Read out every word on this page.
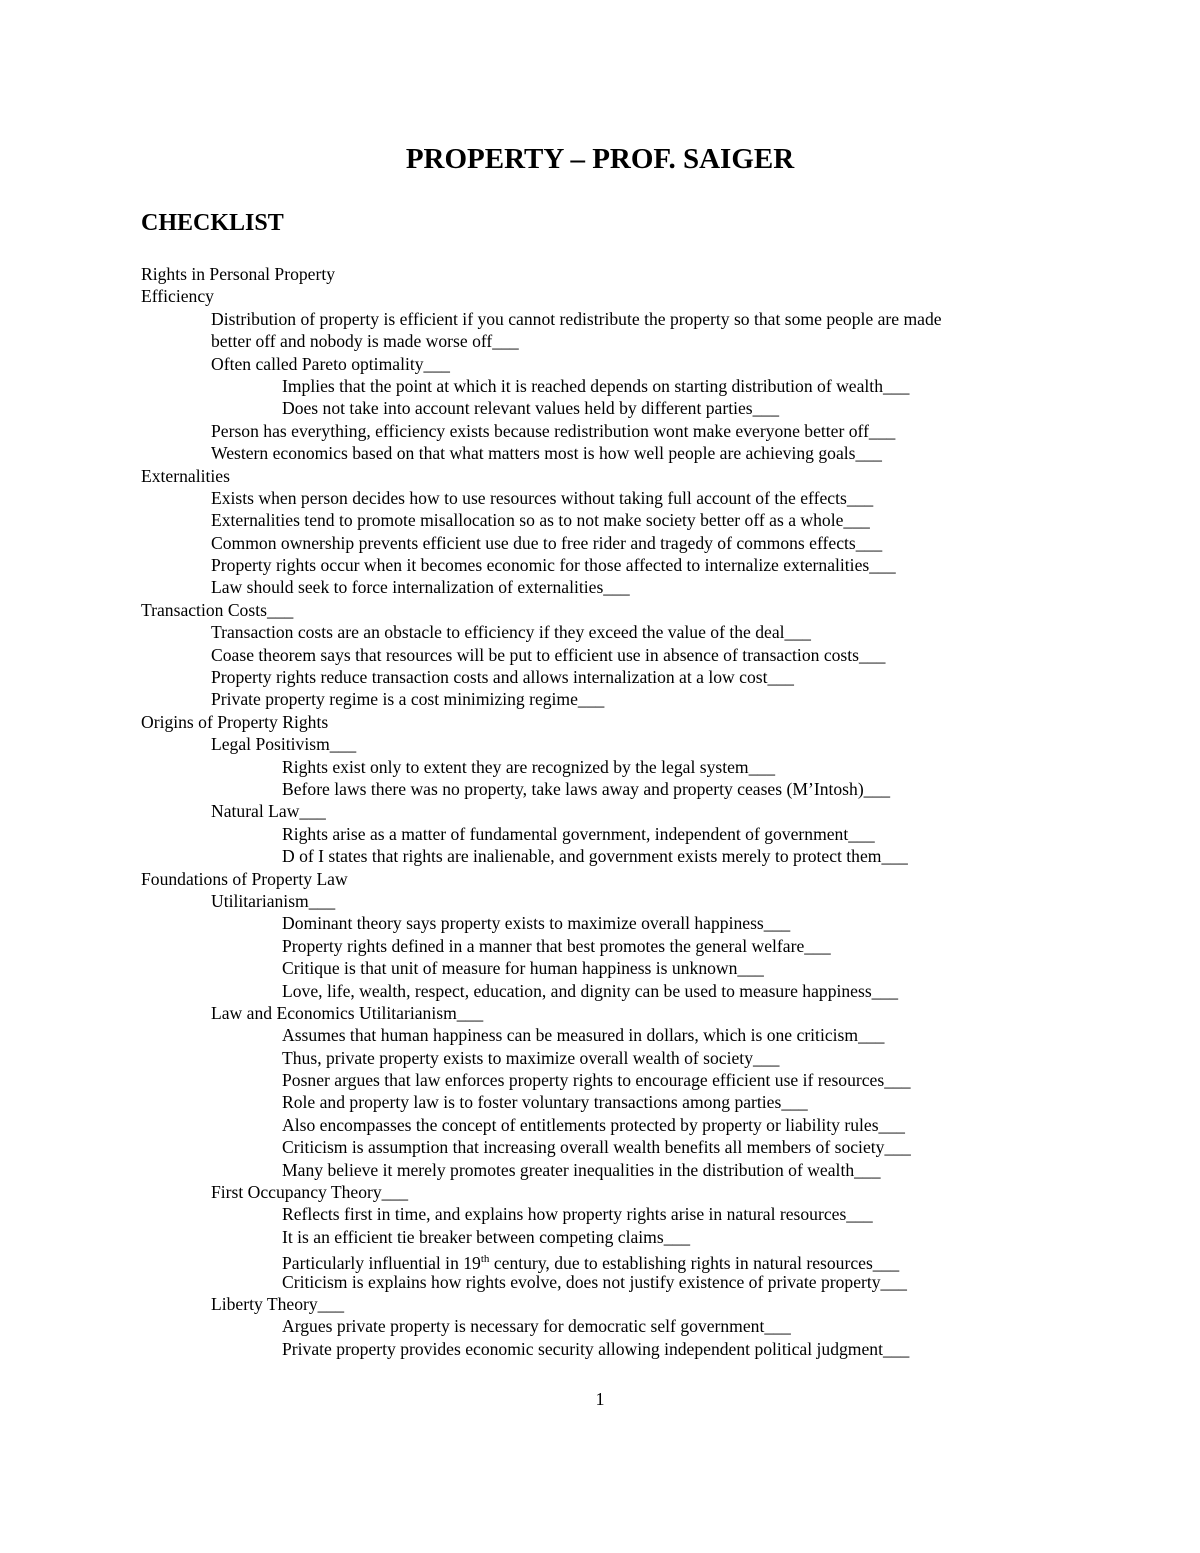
PROPERTY – PROF. SAIGER
CHECKLIST
Rights in Personal Property
Efficiency
Distribution of property is efficient if you cannot redistribute the property so that some people are made
better off and nobody is made worse off___
Often called Pareto optimality___
Implies that the point at which it is reached depends on starting distribution of wealth___
Does not take into account relevant values held by different parties___
Person has everything, efficiency exists because redistribution wont make everyone better off___
Western economics based on that what matters most is how well people are achieving goals___
Externalities
Exists when person decides how to use resources without taking full account of the effects___
Externalities tend to promote misallocation so as to not make society better off as a whole___
Common ownership prevents efficient use due to free rider and tragedy of commons effects___
Property rights occur when it becomes economic for those affected to internalize externalities___
Law should seek to force internalization of externalities___
Transaction Costs___
Transaction costs are an obstacle to efficiency if they exceed the value of the deal___
Coase theorem says that resources will be put to efficient use in absence of transaction costs___
Property rights reduce transaction costs and allows internalization at a low cost___
Private property regime is a cost minimizing regime___
Origins of Property Rights
Legal Positivism___
Rights exist only to extent they are recognized by the legal system___
Before laws there was no property, take laws away and property ceases (M’Intosh)___
Natural Law___
Rights arise as a matter of fundamental government, independent of government___
D of I states that rights are inalienable, and government exists merely to protect them___
Foundations of Property Law
Utilitarianism___
Dominant theory says property exists to maximize overall happiness___
Property rights defined in a manner that best promotes the general welfare___
Critique is that unit of measure for human happiness is unknown___
Love, life, wealth, respect, education, and dignity can be used to measure happiness___
Law and Economics Utilitarianism___
Assumes that human happiness can be measured in dollars, which is one criticism___
Thus, private property exists to maximize overall wealth of society___
Posner argues that law enforces property rights to encourage efficient use if resources___
Role and property law is to foster voluntary transactions among parties___
Also encompasses the concept of entitlements protected by property or liability rules___
Criticism is assumption that increasing overall wealth benefits all members of society___
Many believe it merely promotes greater inequalities in the distribution of wealth___
First Occupancy Theory___
Reflects first in time, and explains how property rights arise in natural resources___
It is an efficient tie breaker between competing claims___
Particularly influential in 19th century, due to establishing rights in natural resources___
Criticism is explains how rights evolve, does not justify existence of private property___
Liberty Theory___
Argues private property is necessary for democratic self government___
Private property provides economic security allowing independent political judgment___
1
